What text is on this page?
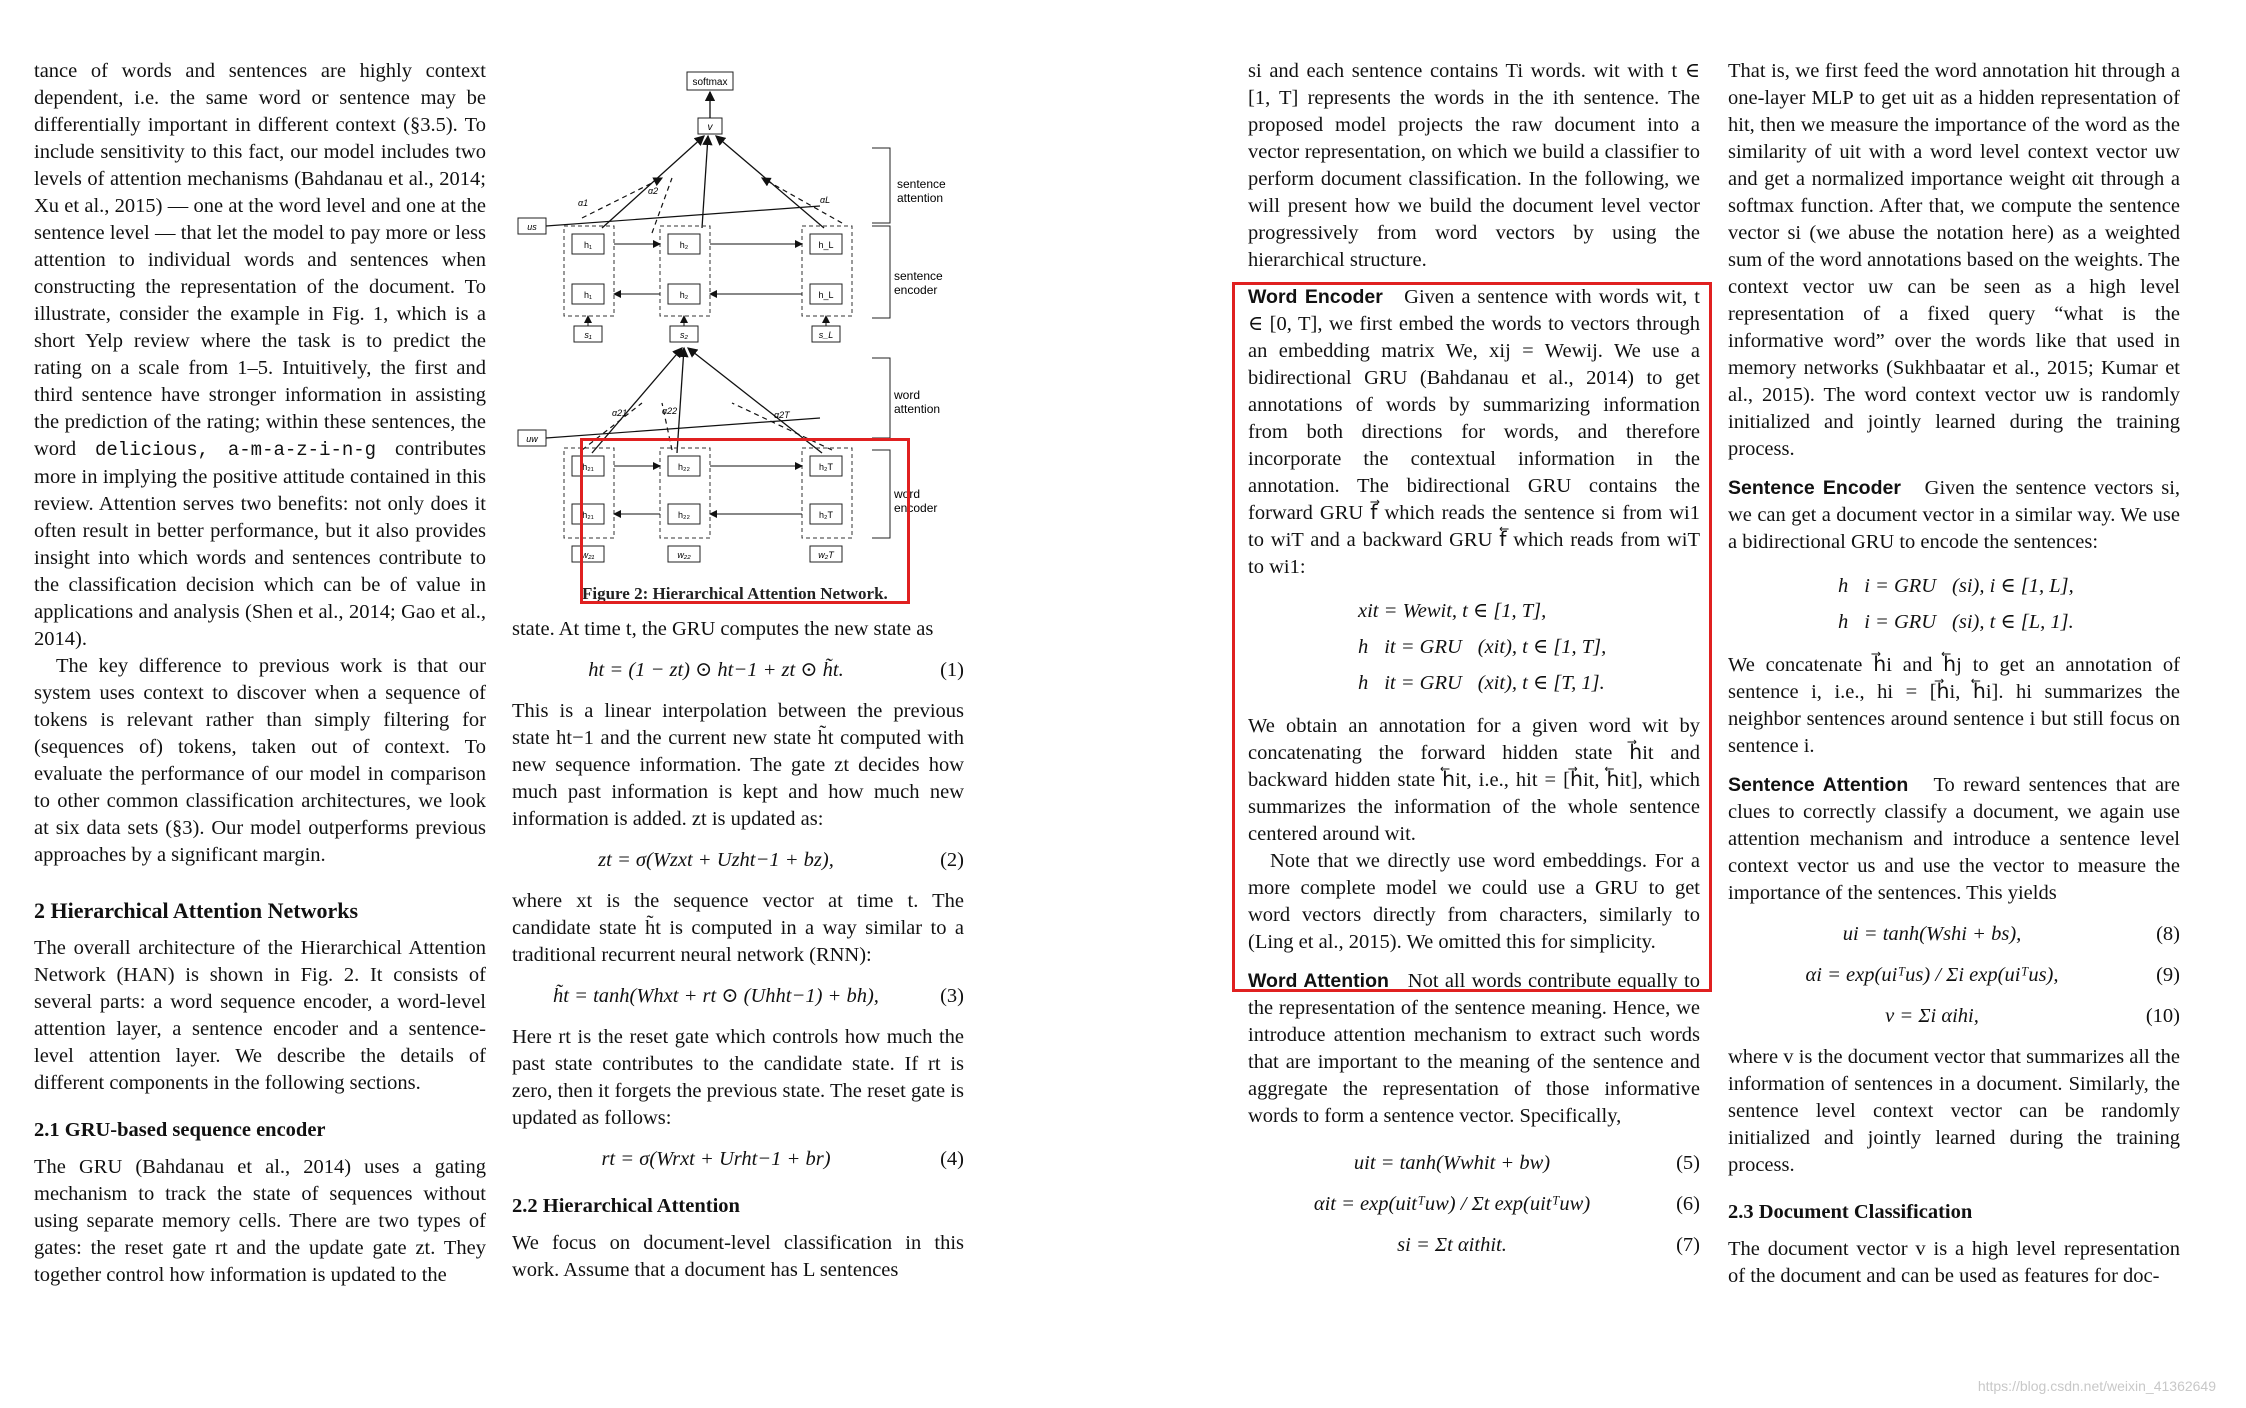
tance of words and sentences are highly context dependent, i.e. the same word or sentence may be differentially important in different context (§3.5). To include sensitivity to this fact, our model includes two levels of attention mechanisms (Bahdanau et al., 2014; Xu et al., 2015) — one at the word level and one at the sentence level — that let the model to pay more or less attention to individual words and sentences when constructing the representation of the document. To illustrate, consider the example in Fig. 1, which is a short Yelp review where the task is to predict the rating on a scale from 1–5. Intuitively, the first and third sentence have stronger information in assisting the prediction of the rating; within these sentences, the word delicious, a-m-a-z-i-n-g contributes more in implying the positive attitude contained in this review. Attention serves two benefits: not only does it often result in better performance, but it also provides insight into which words and sentences contribute to the classification decision which can be of value in applications and analysis (Shen et al., 2014; Gao et al., 2014).

The key difference to previous work is that our system uses context to discover when a sequence of tokens is relevant rather than simply filtering for (sequences of) tokens, taken out of context. To evaluate the performance of our model in comparison to other common classification architectures, we look at six data sets (§3). Our model outperforms previous approaches by a significant margin.

2 Hierarchical Attention Networks

The overall architecture of the Hierarchical Attention Network (HAN) is shown in Fig. 2. It consists of several parts: a word sequence encoder, a word-level attention layer, a sentence encoder and a sentence-level attention layer. We describe the details of different components in the following sections.

2.1 GRU-based sequence encoder

The GRU (Bahdanau et al., 2014) uses a gating mechanism to track the state of sequences without using separate memory cells. There are two types of gates: the reset gate rt and the update gate zt. They together control how information is updated to the

softmax
v
α1
α2
αL
us
h₁
h₁
h₂
h₂
h_L
h_L
s₁	s₂	s_L
α21	α22	α2T
uw
h₂₁
h₂₁
h₂₂
h₂₂
h₂T
h₂T
w₂₁	w₂₂	w₂T
sentence attention
sentence encoder
word attention
word encoder
Figure 2: Hierarchical Attention Network.

state. At time t, the GRU computes the new state as

ht = (1 − zt) ⊙ ht−1 + zt ⊙ h̃t.	(1)

This is a linear interpolation between the previous state ht−1 and the current new state h̃t computed with new sequence information. The gate zt decides how much past information is kept and how much new information is added. zt is updated as:

zt = σ(Wzxt + Uzht−1 + bz),	(2)

where xt is the sequence vector at time t. The candidate state h̃t is computed in a way similar to a traditional recurrent neural network (RNN):

h̃t = tanh(Whxt + rt ⊙ (Uhht−1) + bh),	(3)

Here rt is the reset gate which controls how much the past state contributes to the candidate state. If rt is zero, then it forgets the previous state. The reset gate is updated as follows:

rt = σ(Wrxt + Urht−1 + br)	(4)
2.2 Hierarchical Attention

We focus on document-level classification in this work. Assume that a document has L sentences

si and each sentence contains Ti words. wit with t ∈ [1, T] represents the words in the ith sentence. The proposed model projects the raw document into a vector representation, on which we build a classifier to perform document classification. In the following, we will present how we build the document level vector progressively from word vectors by using the hierarchical structure.

Word Encoder Given a sentence with words wit, t ∈ [0, T], we first embed the words to vectors through an embedding matrix We, xij = Wewij. We use a bidirectional GRU (Bahdanau et al., 2014) to get annotations of words by summarizing information from both directions for words, and therefore incorporate the contextual information in the annotation. The bidirectional GRU contains the forward GRU f⃗ which reads the sentence si from wi1 to wiT and a backward GRU f⃖ which reads from wiT to wi1:

xit = Wewit, t ∈ [1, T],
h⃗it = GRU⃗(xit), t ∈ [1, T],
h⃖it = GRU⃖(xit), t ∈ [T, 1].

We obtain an annotation for a given word wit by concatenating the forward hidden state h⃗it and backward hidden state h⃖it, i.e., hit = [h⃗it, h⃖it], which summarizes the information of the whole sentence centered around wit.

Note that we directly use word embeddings. For a more complete model we could use a GRU to get word vectors directly from characters, similarly to (Ling et al., 2015). We omitted this for simplicity.

Word Attention Not all words contribute equally to the representation of the sentence meaning. Hence, we introduce attention mechanism to extract such words that are important to the meaning of the sentence and aggregate the representation of those informative words to form a sentence vector. Specifically,

uit = tanh(Wwhit + bw)	(5)
αit = exp(uitᵀuw) / Σt exp(uitᵀuw)	(6)
si = Σt αithit.	(7)

That is, we first feed the word annotation hit through a one-layer MLP to get uit as a hidden representation of hit, then we measure the importance of the word as the similarity of uit with a word level context vector uw and get a normalized importance weight αit through a softmax function. After that, we compute the sentence vector si (we abuse the notation here) as a weighted sum of the word annotations based on the weights. The context vector uw can be seen as a high level representation of a fixed query “what is the informative word” over the words like that used in memory networks (Sukhbaatar et al., 2015; Kumar et al., 2015). The word context vector uw is randomly initialized and jointly learned during the training process.

Sentence Encoder Given the sentence vectors si, we can get a document vector in a similar way. We use a bidirectional GRU to encode the sentences:

h⃗i = GRU⃗(si), i ∈ [1, L],
h⃖i = GRU⃖(si), t ∈ [L, 1].

We concatenate h⃗i and h⃖j to get an annotation of sentence i, i.e., hi = [h⃗i, h⃖i]. hi summarizes the neighbor sentences around sentence i but still focus on sentence i.

Sentence Attention To reward sentences that are clues to correctly classify a document, we again use attention mechanism and introduce a sentence level context vector us and use the vector to measure the importance of the sentences. This yields

ui = tanh(Wshi + bs),	(8)
αi = exp(uiᵀus) / Σi exp(uiᵀus),	(9)
v = Σi αihi,	(10)

where v is the document vector that summarizes all the information of sentences in a document. Similarly, the sentence level context vector can be randomly initialized and jointly learned during the training process.

2.3 Document Classification

The document vector v is a high level representation of the document and can be used as features for doc-

https://blog.csdn.net/weixin_41362649
